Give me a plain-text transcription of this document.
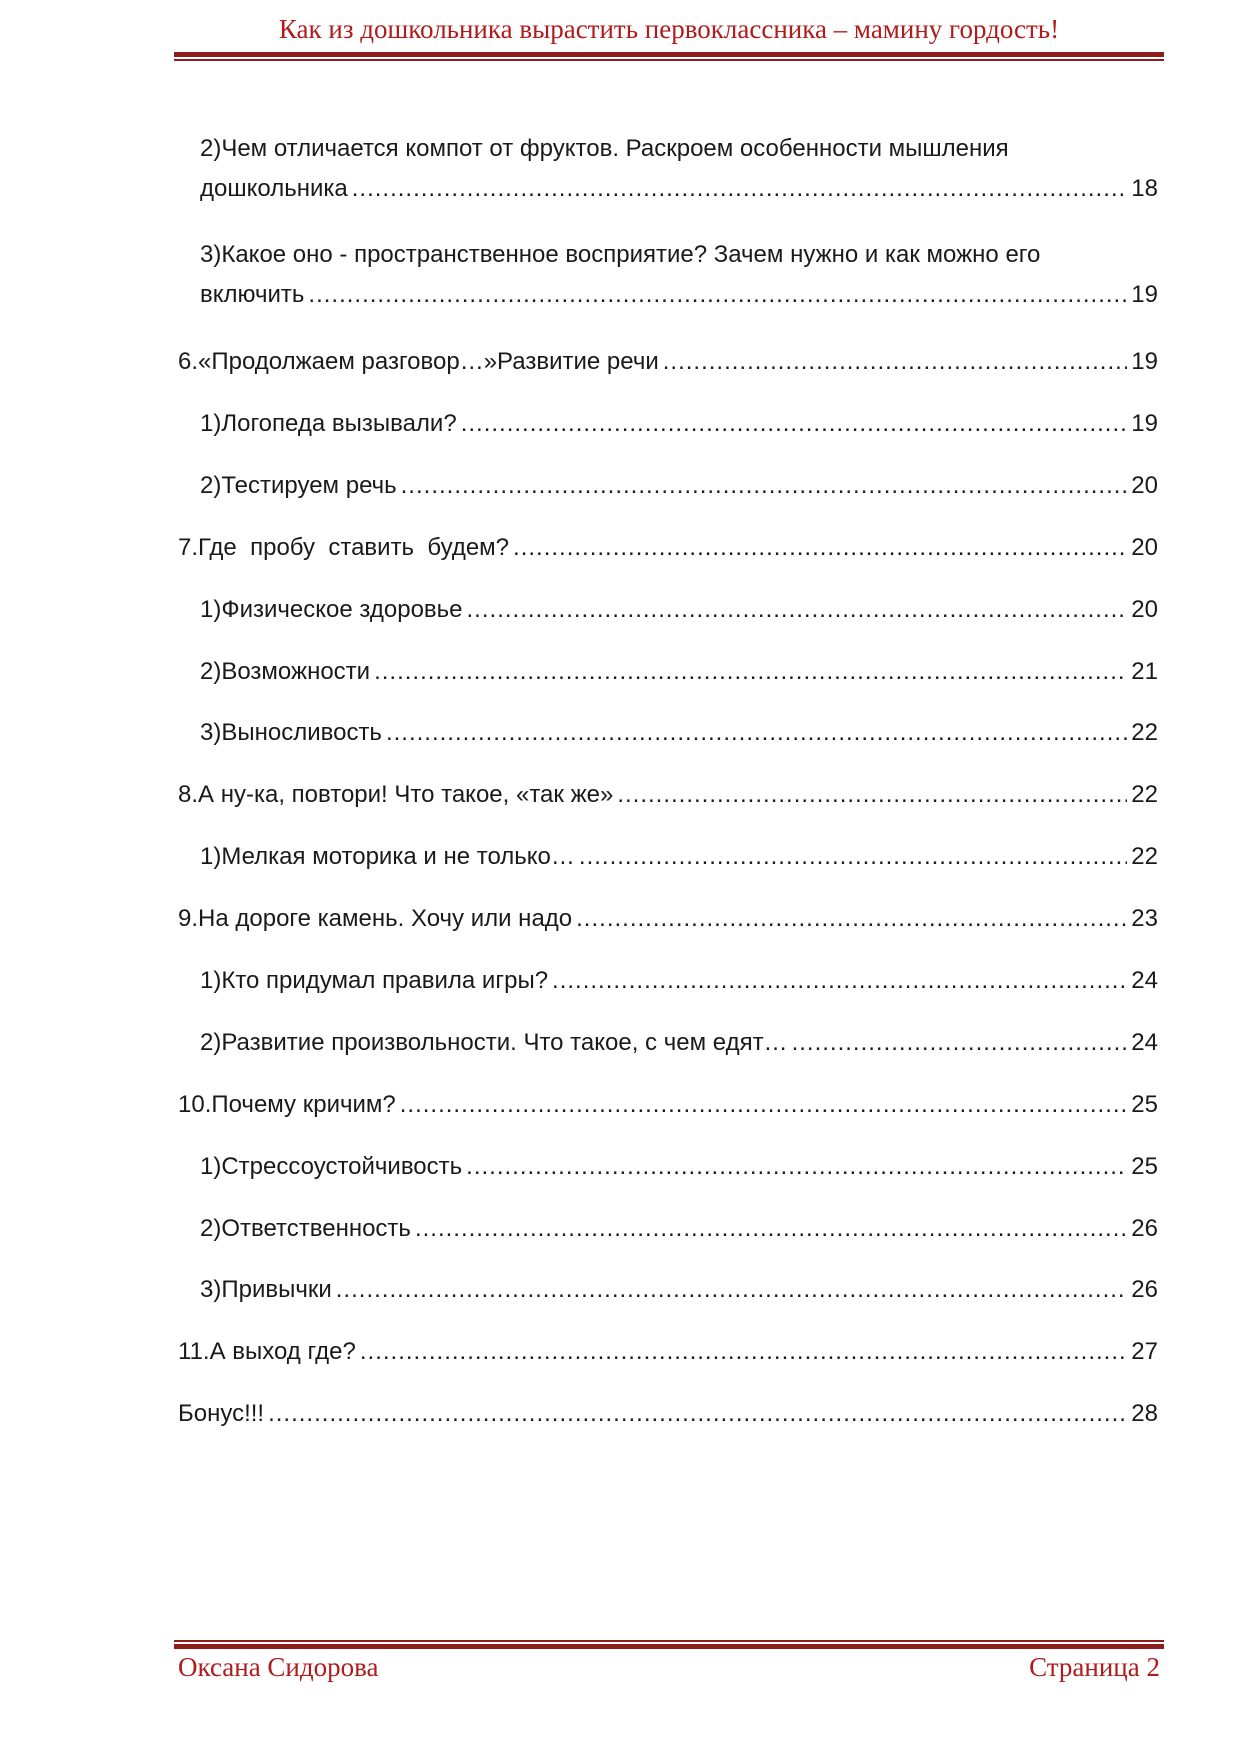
Как из дошкольника вырастить первоклассника – мамину гордость!
2)Чем отличается компот от фруктов. Раскроем особенности мышления
дошкольника .....	18
3)Какое оно - пространственное восприятие? Зачем нужно и как можно его
включить .....	19
6.«Продолжаем разговор…»Развитие речи .....	19
1)Логопеда вызывали? .....	19
2)Тестируем речь .....	20
7.Где  пробу  ставить  будем? .....	20
1)Физическое здоровье .....	20
2)Возможности .....	21
3)Выносливость .....	22
8.А ну-ка, повтори! Что такое, «так же» .....	22
1)Мелкая моторика и не только… .....	22
9.На дороге камень. Хочу или надо .....	23
1)Кто придумал правила игры? .....	24
2)Развитие произвольности. Что такое, с чем едят… .....	24
10.Почему кричим? .....	25
1)Стрессоустойчивость .....	25
2)Ответственность .....	26
3)Привычки .....	26
11.А выход где? .....	27
Бонус!!! .....	28
Оксана Сидорова	Страница 2
